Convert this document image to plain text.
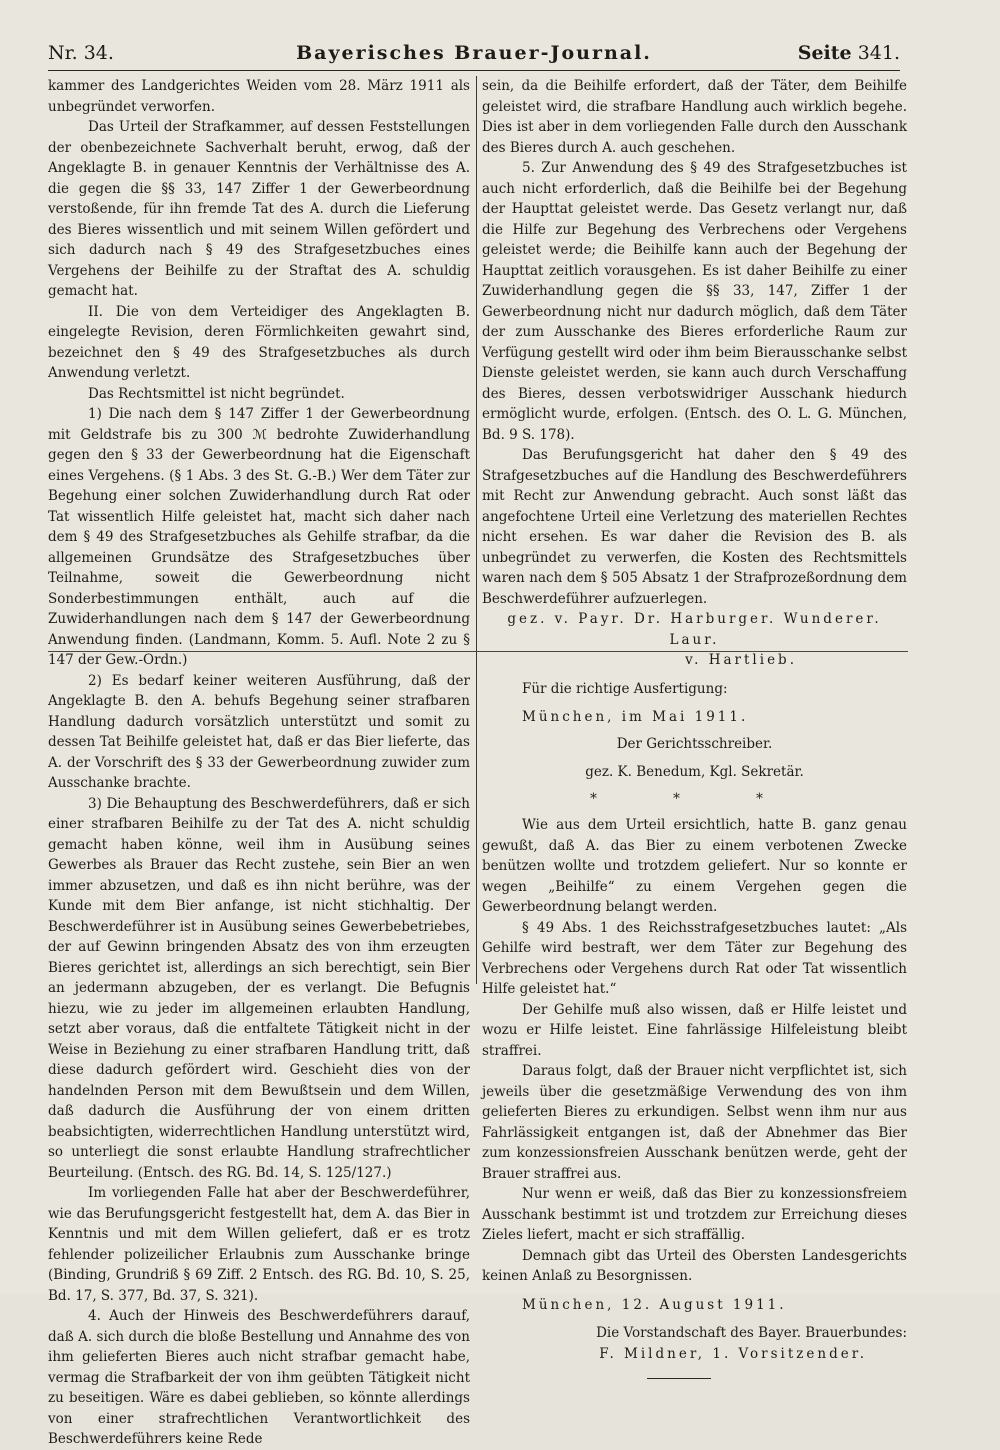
Nr. 34.	Bayerisches Brauer-Journal.	Seite 341.

kammer des Landgerichtes Weiden vom 28. März 1911 als unbegründet verworfen.

Das Urteil der Strafkammer, auf dessen Feststellungen der obenbezeichnete Sachverhalt beruht, erwog, daß der Angeklagte B. in genauer Kenntnis der Verhältnisse des A. die gegen die §§ 33, 147 Ziffer 1 der Gewerbeordnung verstoßende, für ihn fremde Tat des A. durch die Lieferung des Bieres wissentlich und mit seinem Willen gefördert und sich dadurch nach § 49 des Strafgesetzbuches eines Vergehens der Beihilfe zu der Straftat des A. schuldig gemacht hat.

II. Die von dem Verteidiger des Angeklagten B. eingelegte Revision, deren Förmlichkeiten gewahrt sind, bezeichnet den § 49 des Strafgesetzbuches als durch Anwendung verletzt.

Das Rechtsmittel ist nicht begründet.

1) Die nach dem § 147 Ziffer 1 der Gewerbeordnung mit Geldstrafe bis zu 300 ℳ bedrohte Zuwiderhandlung gegen den § 33 der Gewerbeordnung hat die Eigenschaft eines Vergehens. (§ 1 Abs. 3 des St. G.-B.) Wer dem Täter zur Begehung einer solchen Zuwiderhandlung durch Rat oder Tat wissentlich Hilfe geleistet hat, macht sich daher nach dem § 49 des Strafgesetzbuches als Gehilfe strafbar, da die allgemeinen Grundsätze des Strafgesetzbuches über Teilnahme, soweit die Gewerbeordnung nicht Sonderbestimmungen enthält, auch auf die Zuwiderhandlungen nach dem § 147 der Gewerbeordnung Anwendung finden. (Landmann, Komm. 5. Aufl. Note 2 zu § 147 der Gew.-Ordn.)

2) Es bedarf keiner weiteren Ausführung, daß der Angeklagte B. den A. behufs Begehung seiner strafbaren Handlung dadurch vorsätzlich unterstützt und somit zu dessen Tat Beihilfe geleistet hat, daß er das Bier lieferte, das A. der Vorschrift des § 33 der Gewerbeordnung zuwider zum Ausschanke brachte.

3) Die Behauptung des Beschwerdeführers, daß er sich einer strafbaren Beihilfe zu der Tat des A. nicht schuldig gemacht haben könne, weil ihm in Ausübung seines Gewerbes als Brauer das Recht zustehe, sein Bier an wen immer abzusetzen, und daß es ihn nicht berühre, was der Kunde mit dem Bier anfange, ist nicht stichhaltig. Der Beschwerdeführer ist in Ausübung seines Gewerbebetriebes, der auf Gewinn bringenden Absatz des von ihm erzeugten Bieres gerichtet ist, allerdings an sich berechtigt, sein Bier an jedermann abzugeben, der es verlangt. Die Befugnis hiezu, wie zu jeder im allgemeinen erlaubten Handlung, setzt aber voraus, daß die entfaltete Tätigkeit nicht in der Weise in Beziehung zu einer strafbaren Handlung tritt, daß diese dadurch gefördert wird. Geschieht dies von der handelnden Person mit dem Bewußtsein und dem Willen, daß dadurch die Ausführung der von einem dritten beabsichtigten, widerrechtlichen Handlung unterstützt wird, so unterliegt die sonst erlaubte Handlung strafrechtlicher Beurteilung. (Entsch. des RG. Bd. 14, S. 125/127.)

Im vorliegenden Falle hat aber der Beschwerdeführer, wie das Berufungsgericht festgestellt hat, dem A. das Bier in Kenntnis und mit dem Willen geliefert, daß er es trotz fehlender polizeilicher Erlaubnis zum Ausschanke bringe (Binding, Grundriß § 69 Ziff. 2 Entsch. des RG. Bd. 10, S. 25, Bd. 17, S. 377, Bd. 37, S. 321).

4. Auch der Hinweis des Beschwerdeführers darauf, daß A. sich durch die bloße Bestellung und Annahme des von ihm gelieferten Bieres auch nicht strafbar gemacht habe, vermag die Strafbarkeit der von ihm geübten Tätigkeit nicht zu beseitigen. Wäre es dabei geblieben, so könnte allerdings von einer strafrechtlichen Verantwortlichkeit des Beschwerdeführers keine Rede

sein, da die Beihilfe erfordert, daß der Täter, dem Beihilfe geleistet wird, die strafbare Handlung auch wirklich begehe. Dies ist aber in dem vorliegenden Falle durch den Ausschank des Bieres durch A. auch geschehen.

5. Zur Anwendung des § 49 des Strafgesetzbuches ist auch nicht erforderlich, daß die Beihilfe bei der Begehung der Haupttat geleistet werde. Das Gesetz verlangt nur, daß die Hilfe zur Begehung des Verbrechens oder Vergehens geleistet werde; die Beihilfe kann auch der Begehung der Haupttat zeitlich vorausgehen. Es ist daher Beihilfe zu einer Zuwiderhandlung gegen die §§ 33, 147, Ziffer 1 der Gewerbeordnung nicht nur dadurch möglich, daß dem Täter der zum Ausschanke des Bieres erforderliche Raum zur Verfügung gestellt wird oder ihm beim Bierausschanke selbst Dienste geleistet werden, sie kann auch durch Verschaffung des Bieres, dessen verbotswidriger Ausschank hiedurch ermöglicht wurde, erfolgen. (Entsch. des O. L. G. München, Bd. 9 S. 178).

Das Berufungsgericht hat daher den § 49 des Strafgesetzbuches auf die Handlung des Beschwerdeführers mit Recht zur Anwendung gebracht. Auch sonst läßt das angefochtene Urteil eine Verletzung des materiellen Rechtes nicht ersehen. Es war daher die Revision des B. als unbegründet zu verwerfen, die Kosten des Rechtsmittels waren nach dem § 505 Absatz 1 der Strafprozeßordnung dem Beschwerdeführer aufzuerlegen.

gez. v. Payr. Dr. Harburger. Wunderer. Laur.

v. Hartlieb.

Für die richtige Ausfertigung:

München, im Mai 1911.

Der Gerichtsschreiber.

gez. K. Benedum, Kgl. Sekretär.

* * *

Wie aus dem Urteil ersichtlich, hatte B. ganz genau gewußt, daß A. das Bier zu einem verbotenen Zwecke benützen wollte und trotzdem geliefert. Nur so konnte er wegen „Beihilfe“ zu einem Vergehen gegen die Gewerbeordnung belangt werden.

§ 49 Abs. 1 des Reichsstrafgesetzbuches lautet: „Als Gehilfe wird bestraft, wer dem Täter zur Begehung des Verbrechens oder Vergehens durch Rat oder Tat wissentlich Hilfe geleistet hat.“

Der Gehilfe muß also wissen, daß er Hilfe leistet und wozu er Hilfe leistet. Eine fahrlässige Hilfeleistung bleibt straffrei.

Daraus folgt, daß der Brauer nicht verpflichtet ist, sich jeweils über die gesetzmäßige Verwendung des von ihm gelieferten Bieres zu erkundigen. Selbst wenn ihm nur aus Fahrlässigkeit entgangen ist, daß der Abnehmer das Bier zum konzessionsfreien Ausschank benützen werde, geht der Brauer straffrei aus.

Nur wenn er weiß, daß das Bier zu konzessionsfreiem Ausschank bestimmt ist und trotzdem zur Erreichung dieses Zieles liefert, macht er sich straffällig.

Demnach gibt das Urteil des Obersten Landesgerichts keinen Anlaß zu Besorgnissen.

München, 12. August 1911.

Die Vorstandschaft des Bayer. Brauerbundes:

F. Mildner, 1. Vorsitzender.
